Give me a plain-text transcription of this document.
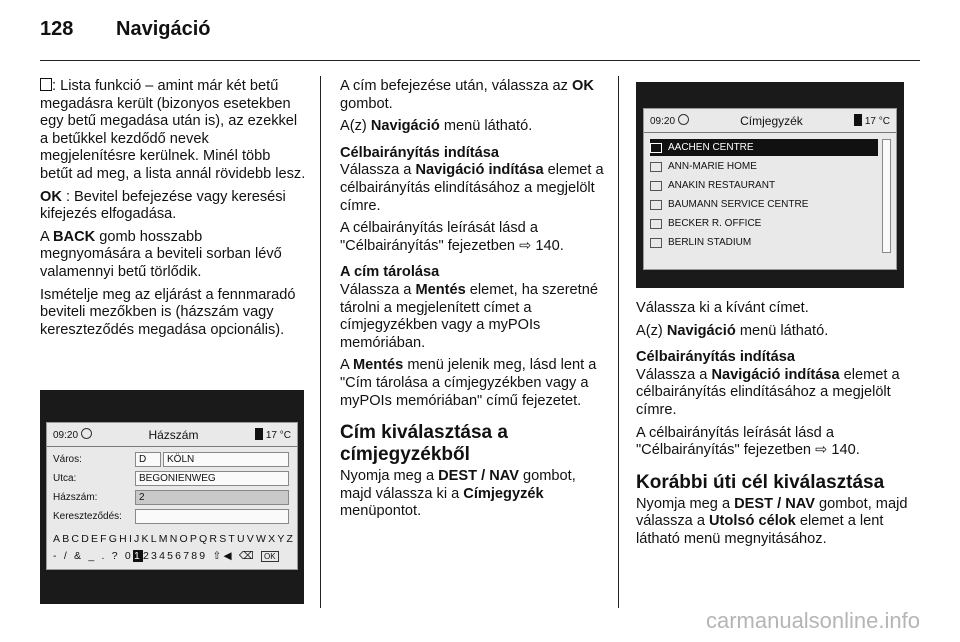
128 Navigáció

: Lista funkció – amint már két betű megadásra került (bizonyos esetekben egy betű megadása után is), az ezekkel a betűkkel kezdődő nevek megjelenítésre kerülnek. Minél több betűt ad meg, a lista annál rövidebb lesz.

OK : Bevitel befejezése vagy keresési kifejezés elfogadása.

A BACK gomb hosszabb megnyomására a beviteli sorban lévő valamennyi betű törlődik.

Ismételje meg az eljárást a fennmaradó beviteli mezőkben is (házszám vagy kereszteződés megadása opcionális).

09:20	Házszám	17 °C
Város:	D	KÖLN
Utca:	BEGONIENWEG
Házszám:	2
Kereszteződés:
ABCDEFGHIJKLMNOPQRSTUVWXYZ
- / & _ . ? 0123456789 ⇧◀ ⌫ OK

A cím befejezése után, válassza az OK gombot.

A(z) Navigáció menü látható.

Célbairányítás indítása

Válassza a Navigáció indítása elemet a célbairányítás elindításához a megjelölt címre.

A célbairányítás leírását lásd a "Célbairányítás" fejezetben ⇨ 140.

A cím tárolása

Válassza a Mentés elemet, ha szeretné tárolni a megjelenített címet a címjegyzékben vagy a myPOIs memóriában.

A Mentés menü jelenik meg, lásd lent a "Cím tárolása a címjegyzékben vagy a myPOIs memóriában" című fejezetet.

Cím kiválasztása a címjegyzékből

Nyomja meg a DEST / NAV gombot, majd válassza ki a Címjegyzék menüpontot.

09:20	Címjegyzék	17 °C
AACHEN CENTRE
ANN-MARIE HOME
ANAKIN RESTAURANT
BAUMANN SERVICE CENTRE
BECKER R. OFFICE
BERLIN STADIUM

Válassza ki a kívánt címet.

A(z) Navigáció menü látható.

Célbairányítás indítása

Válassza a Navigáció indítása elemet a célbairányítás elindításához a megjelölt címre.

A célbairányítás leírását lásd a "Célbairányítás" fejezetben ⇨ 140.

Korábbi úti cél kiválasztása

Nyomja meg a DEST / NAV gombot, majd válassza a Utolsó célok elemet a lent látható menü megnyitásához.

carmanualsonline.info
